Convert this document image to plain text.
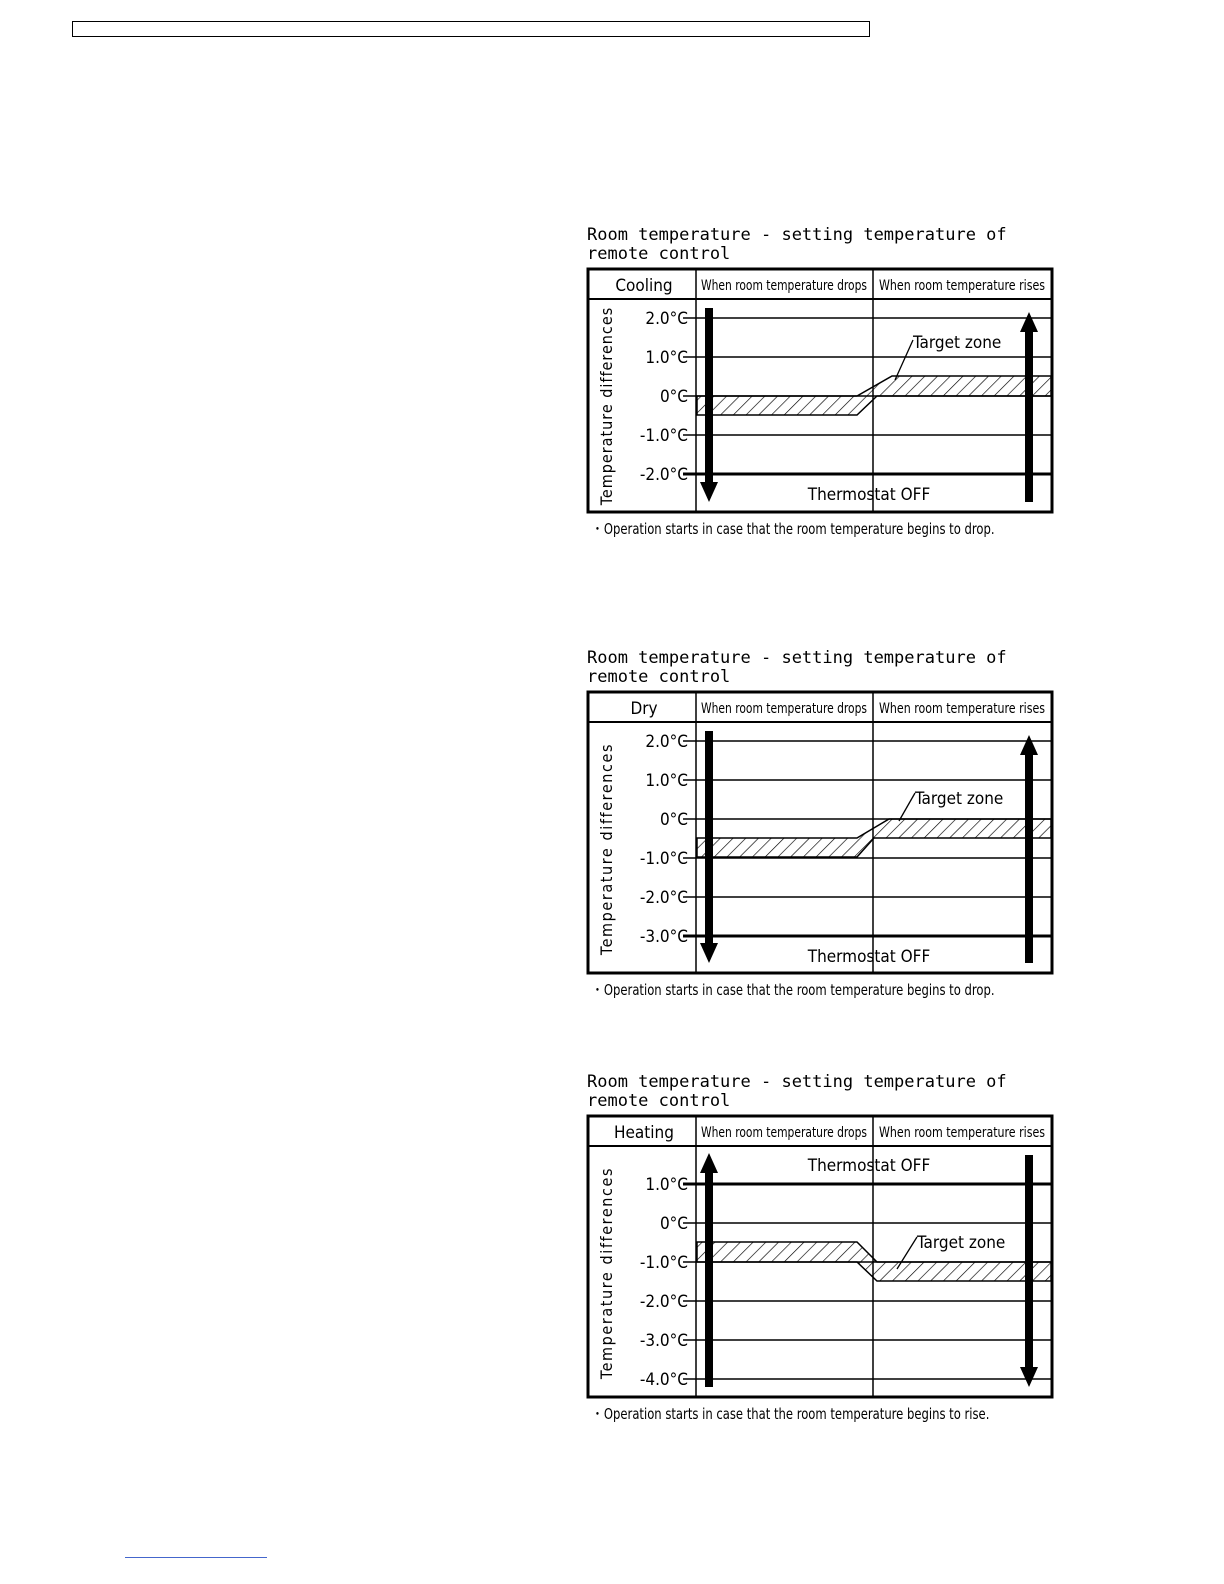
Room temperature - setting temperature of remote control
Cooling When room temperature drops When room temperature rises
Temperature differences 2.0°C
1.0°C
0°C
-1.0°C
-2.0°C
Target zone
Thermostat OFF
・Operation starts in case that the room temperature begins to drop.
Room temperature - setting temperature of remote control
Dry	When room temperature drops When room temperature rises
Temperature differences
2.0°C
1.0°C
0°C
-1.0°C
-2.0°C
-3.0°C
Target zone
Thermostat OFF
・Operation starts in case that the room temperature begins to drop.
Room temperature - setting temperature of remote control
Heating When room temperature drops When room temperature rises
Temperature differences 1.0°C
0°C
-1.0°C
-2.0°C
-3.0°C
-4.0°C
Target zone
Thermostat OFF
・Operation starts in case that the room temperature begins to rise.
